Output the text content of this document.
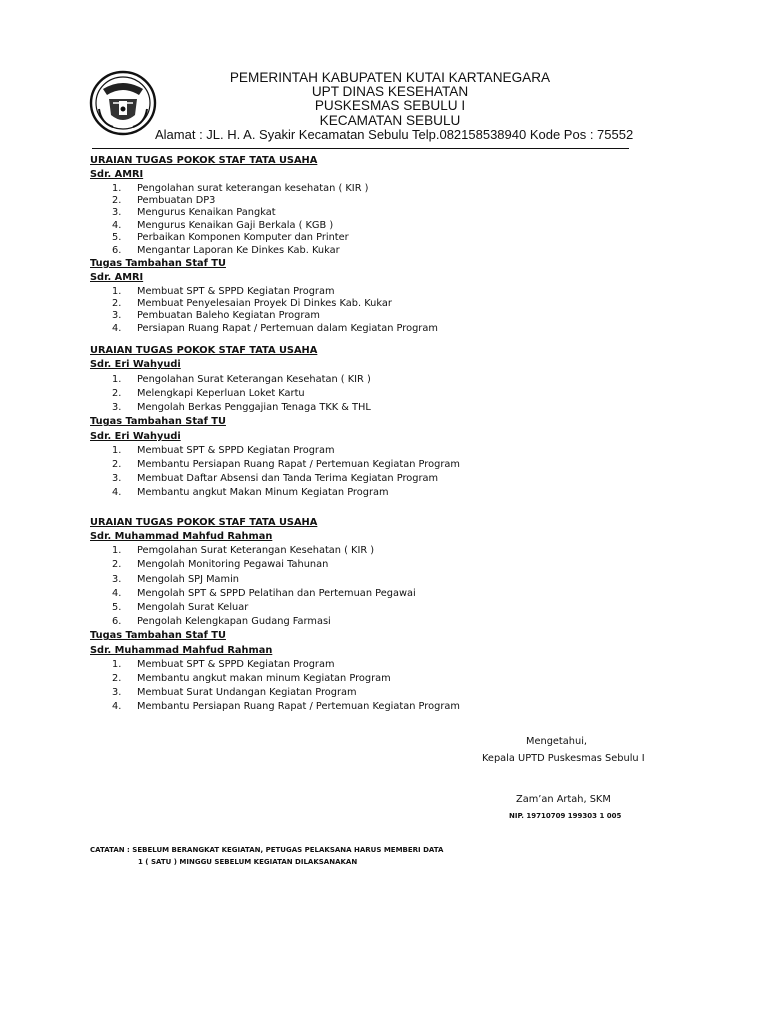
PEMERINTAH KABUPATEN KUTAI KARTANEGARA
UPT DINAS KESEHATAN
PUSKESMAS SEBULU I
KECAMATAN SEBULU
Alamat : JL. H. A. Syakir Kecamatan Sebulu Telp.082158538940 Kode Pos : 75552
URAIAN TUGAS POKOK STAF TATA USAHA
Sdr. AMRI
1. Pengolahan surat keterangan kesehatan ( KIR )
2. Pembuatan DP3
3. Mengurus Kenaikan Pangkat
4. Mengurus Kenaikan Gaji Berkala ( KGB )
5. Perbaikan Komponen Komputer dan Printer
6. Mengantar Laporan Ke Dinkes Kab. Kukar
Tugas Tambahan Staf TU
Sdr. AMRI
1. Membuat SPT & SPPD Kegiatan Program
2. Membuat Penyelesaian Proyek Di Dinkes Kab. Kukar
3. Pembuatan Baleho Kegiatan Program
4. Persiapan Ruang Rapat / Pertemuan dalam Kegiatan Program
URAIAN TUGAS POKOK STAF TATA USAHA
Sdr. Eri Wahyudi
1. Pengolahan Surat Keterangan Kesehatan ( KIR )
2. Melengkapi Keperluan Loket Kartu
3. Mengolah Berkas Penggajian Tenaga TKK & THL
Tugas Tambahan Staf TU
Sdr. Eri Wahyudi
1. Membuat SPT & SPPD Kegiatan Program
2. Membantu Persiapan Ruang Rapat / Pertemuan Kegiatan Program
3. Membuat Daftar Absensi dan Tanda Terima Kegiatan Program
4. Membantu angkut Makan Minum Kegiatan Program
URAIAN TUGAS POKOK STAF TATA USAHA
Sdr. Muhammad Mahfud Rahman
1. Pemgolahan Surat Keterangan Kesehatan ( KIR )
2. Mengolah Monitoring Pegawai Tahunan
3. Mengolah SPJ Mamin
4. Mengolah SPT & SPPD Pelatihan dan Pertemuan Pegawai
5. Mengolah Surat Keluar
6. Pengolah Kelengkapan Gudang Farmasi
Tugas Tambahan Staf TU
Sdr. Muhammad Mahfud Rahman
1. Membuat SPT & SPPD Kegiatan Program
2. Membantu angkut makan minum Kegiatan Program
3. Membuat Surat Undangan Kegiatan Program
4. Membantu Persiapan Ruang Rapat / Pertemuan Kegiatan Program
Mengetahui,
Kepala UPTD Puskesmas Sebulu I
Zam’an Artah, SKM
NIP. 19710709 199303 1 005
CATATAN : SEBELUM BERANGKAT KEGIATAN, PETUGAS PELAKSANA HARUS MEMBERI DATA
1 ( SATU ) MINGGU SEBELUM KEGIATAN DILAKSANAKAN
